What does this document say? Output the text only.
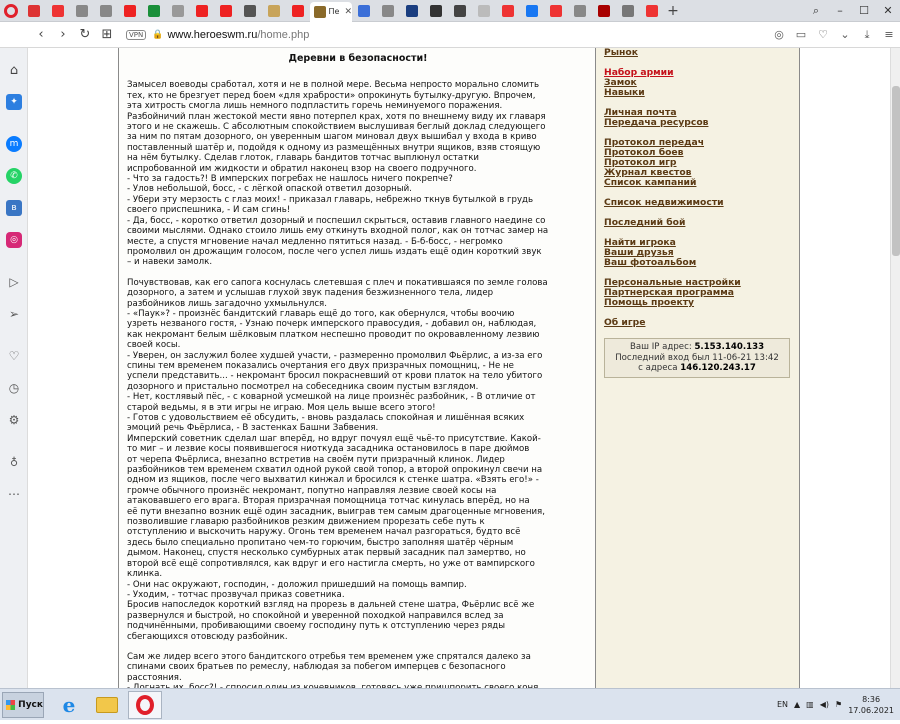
Пе ✕	+	⌕	–	☐	✕
‹	›	↻ ⊞	VPN	🔒 www.heroeswm.ru/home.php	◎	▭	♡	⌄	⤓	≡
⌂
✦
m
✆
в
◎
▷
➢
♡
◷
⚙
♁
⋯
Деревни в безопасности!

Замысел воеводы сработал, хотя и не в полной мере. Весьма непросто морально сломить
тех, кто не брезгует перед боем «для храбрости» опрокинуть бутылку-другую. Впрочем,
эта хитрость смогла лишь немного подпластить горечь неминуемого поражения.
Разбойничий план жестокой мести явно потерпел крах, хотя по внешнему виду их главаря
этого и не скажешь. С абсолютным спокойствием выслушивая беглый доклад следующего
за ним по пятам дозорного, он уверенным шагом миновал двух вышибал у входа в криво
поставленный шатёр и, подойдя к одному из размещённых внутри ящиков, взяв стоящую
на нём бутылку. Сделав глоток, главарь бандитов тотчас выплюнул остатки
испробованной им жидкости и обратил наконец взор на своего подручного.
- Что за гадость?! В имперских погребах не нашлось ничего покрепче?
- Улов небольшой, босс, - с лёгкой опаской ответил дозорный.
- Убери эту мерзость с глаз моих! - приказал главарь, небрежно ткнув бутылкой в грудь
своего приспешника, - И сам сгинь!
- Да, босс, - коротко ответил дозорный и поспешил скрыться, оставив главного наедине со
своими мыслями. Однако стоило лишь ему откинуть входной полог, как он тотчас замер на
месте, а спустя мгновение начал медленно пятиться назад. - Б-б-босс, - негромко
промолвил он дрожащим голосом, после чего успел лишь издать ещё один короткий звук
– и навеки замолк.

Почувствовав, как его сапога коснулась слетевшая с плеч и покатившаяся по земле голова
дозорного, а затем и услышав глухой звук падения безжизненного тела, лидер
разбойников лишь загадочно ухмыльнулся.
- «Паук»? - произнёс бандитский главарь ещё до того, как обернулся, чтобы воочию
узреть незваного гостя, - Узнаю почерк имперского правосудия, - добавил он, наблюдая,
как некромант белым шёлковым платком неспешно проводит по окровавленному лезвию
своей косы.
- Уверен, он заслужил более худшей участи, - размеренно промолвил Фьёрлис, а из-за его
спины тем временем показались очертания его двух призрачных помощниц, - Не не
успели представить... - некромант бросил покрасневший от крови платок на тело убитого
дозорного и пристально посмотрел на собеседника своим пустым взглядом.
- Нет, костлявый пёс, - с коварной усмешкой на лице произнёс разбойник, - В отличие от
старой ведьмы, я в эти игры не играю. Моя цель выше всего этого!
- Готов с удовольствием её обсудить, - вновь раздалась спокойная и лишённая всяких
эмоций речь Фьёрлиса, - В застенках Башни Забвения.
Имперский советник сделал шаг вперёд, но вдруг почуял ещё чьё-то присутствие. Какой-
то миг – и лезвие косы появившегося ниоткуда засадника остановилось в паре дюймов
от черепа Фьёрлиса, внезапно встретив на своём пути призрачный клинок. Лидер
разбойников тем временем схватил одной рукой свой топор, а второй опрокинул свечи на
одном из ящиков, после чего выхватил кинжал и бросился к стенке шатра. «Взять его!» -
громче обычного произнёс некромант, попутно направляя лезвие своей косы на
атаковавшего его врага. Вторая призрачная помощница тотчас кинулась вперёд, но на
её пути внезапно возник ещё один засадник, выиграв тем самым драгоценные мгновения,
позволившие главарю разбойников резким движением прорезать себе путь к
отступлению и выскочить наружу. Огонь тем временем начал разгораться, будто всё
здесь было специально пропитано чем-то горючим, быстро заполняя шатёр чёрным
дымом. Наконец, спустя несколько сумбурных атак первый засадник пал замертво, но
второй всё ещё сопротивлялся, как вдруг и его настигла смерть, но уже от вампирского
клинка.
- Они нас окружают, господин, - доложил пришедший на помощь вампир.
- Уходим, - тотчас прозвучал приказ советника.
Бросив напоследок короткий взгляд на прорезь в дальней стене шатра, Фьёрлис всё же
развернулся и быстрой, но спокойной и уверенной походкой направился вслед за
подчинёнными, пробивающими своему господину путь к отступлению через ряды
сбегающихся отовсюду разбойник.

Сам же лидер всего этого бандитского отребья тем временем уже спрятался далеко за
спинами своих братьев по ремеслу, наблюдая за побегом имперцев с безопасного
расстояния.

Рынок
Набор армии
Замок
Навыки
Личная почта
Передача ресурсов
Протокол передач
Протокол боев
Протокол игр
Журнал квестов
Список кампаний
Список недвижимости
Последний бой
Найти игрока
Ваши друзья
Ваш фотоальбом
Персональные настройки
Партнерская программа
Помощь проекту
Об игре
Ваш IP адрес: 5.153.140.133
Последний вход был 11-06-21 13:42
с адреса 146.120.243.17
Пуск e	EN ▲ ▥ ◀) ⚑
8:36
17.06.2021
